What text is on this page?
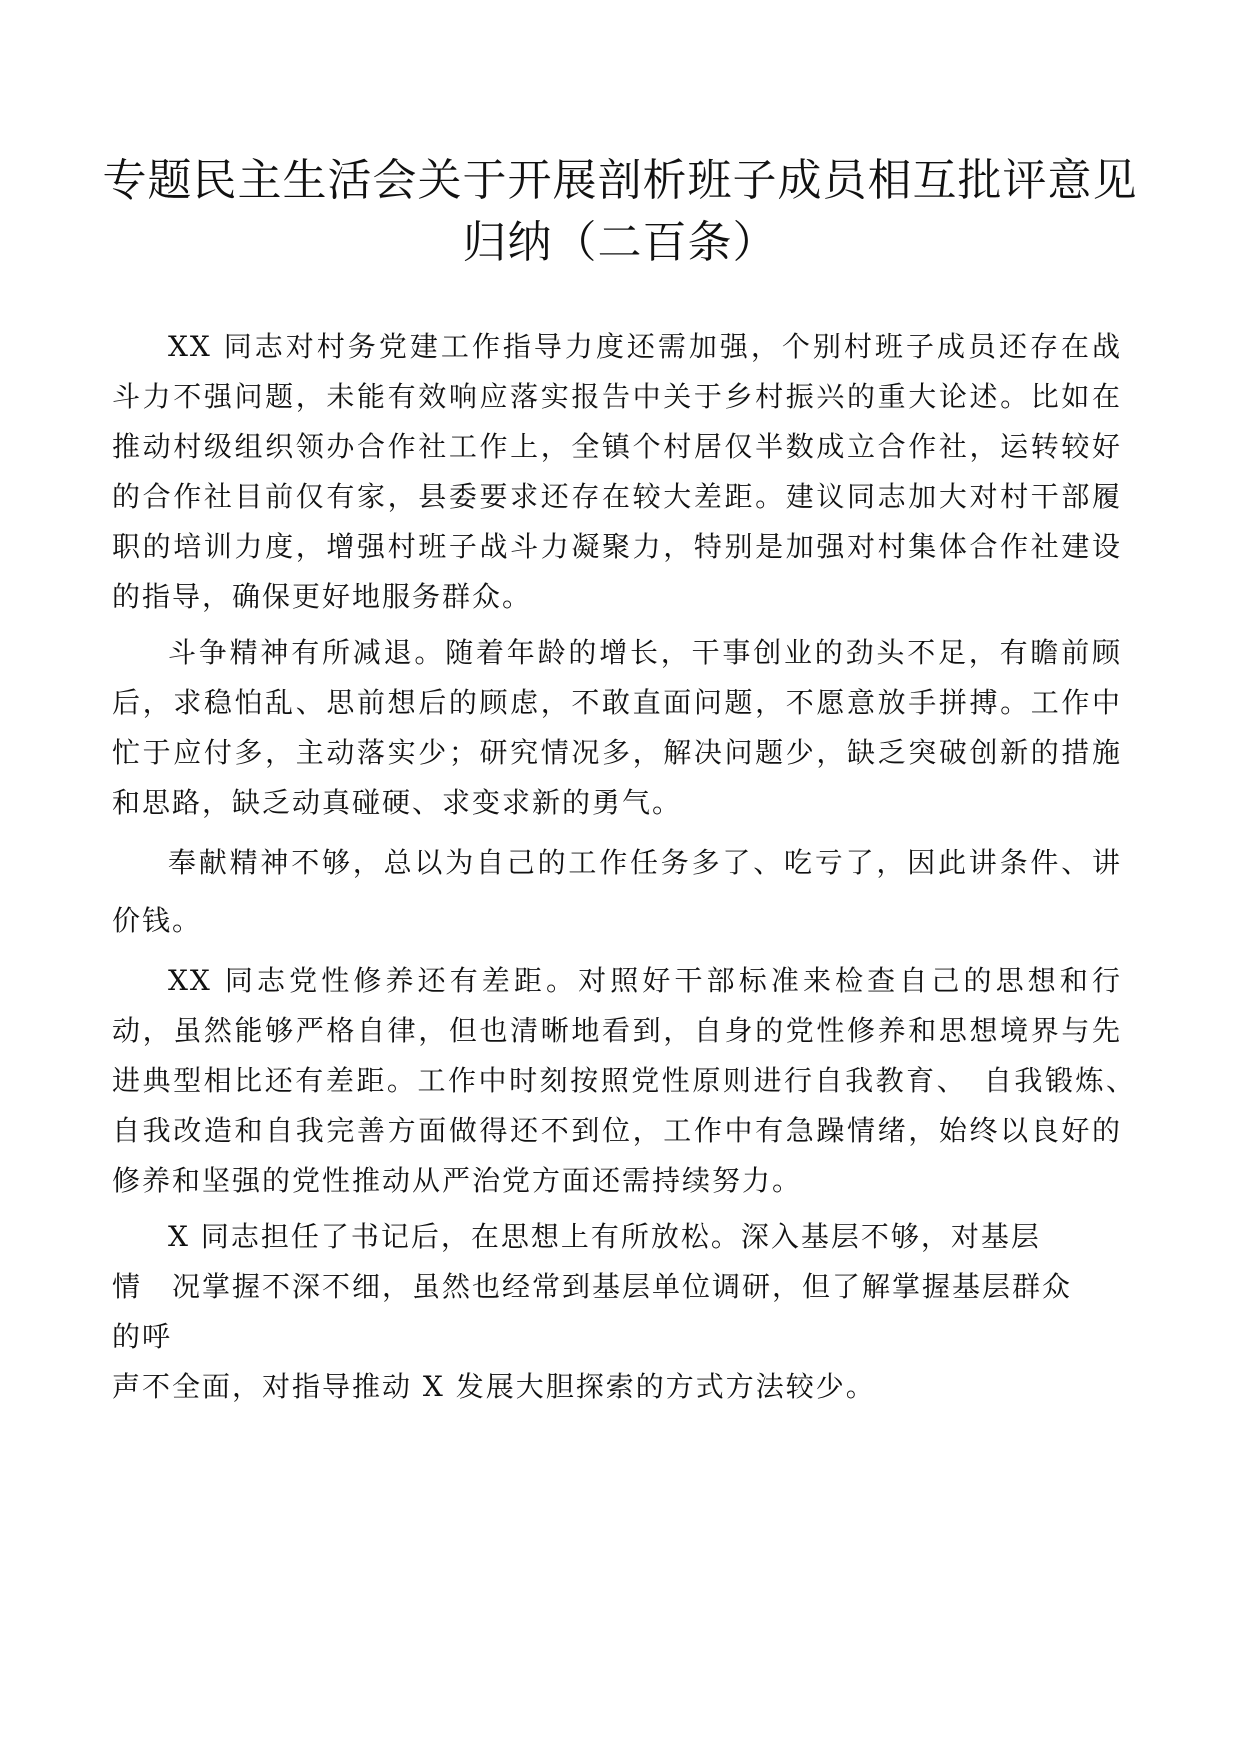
专题民主生活会关于开展剖析班子成员相互批评意见
归纳（二百条）

XX 同志对村务党建工作指导力度还需加强，个别村班子成员还存在战斗力不强问题，未能有效响应落实报告中关于乡村振兴的重大论述。比如在推动村级组织领办合作社工作上，全镇个村居仅半数成立合作社，运转较好的合作社目前仅有家，县委要求还存在较大差距。建议同志加大对村干部履职的培训力度，增强村班子战斗力凝聚力，特别是加强对村集体合作社建设的指导，确保更好地服务群众。

斗争精神有所减退。随着年龄的增长，干事创业的劲头不足，有瞻前顾后，求稳怕乱、思前想后的顾虑，不敢直面问题，不愿意放手拼搏。工作中忙于应付多，主动落实少；研究情况多，解决问题少，缺乏突破创新的措施和思路，缺乏动真碰硬、求变求新的勇气。

奉献精神不够，总以为自己的工作任务多了、吃亏了，因此讲条件、讲价钱。

XX 同志党性修养还有差距。对照好干部标准来检查自己的思想和行动，虽然能够严格自律，但也清晰地看到，自身的党性修养和思想境界与先进典型相比还有差距。工作中时刻按照党性原则进行自我教育、　自我锻炼、　自我改造和自我完善方面做得还不到位，工作中有急躁情绪，始终以良好的修养和坚强的党性推动从严治党方面还需持续努力。

X 同志担任了书记后，在思想上有所放松。深入基层不够，对基层
情　况掌握不深不细，虽然也经常到基层单位调研，但了解掌握基层群众
的呼
声不全面，对指导推动 X 发展大胆探索的方式方法较少。
